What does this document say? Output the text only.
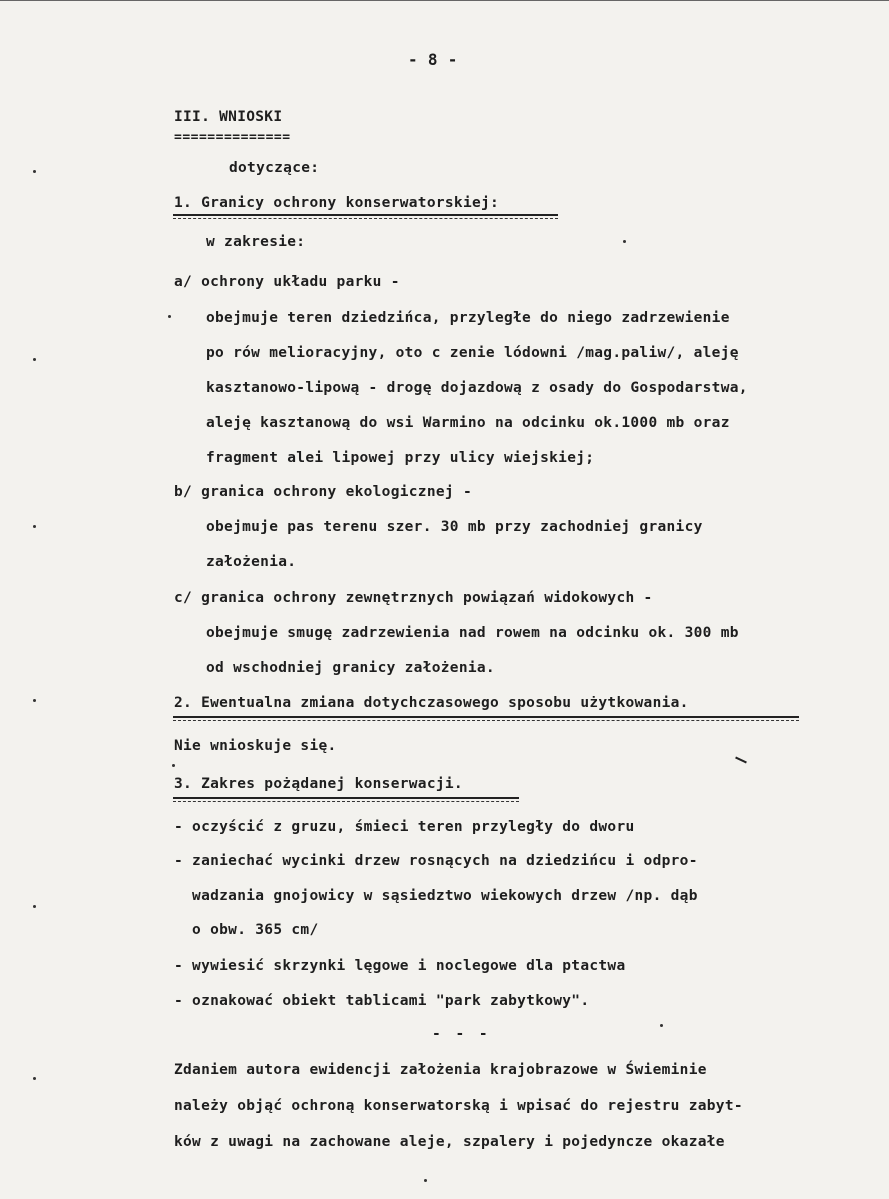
- 8 -
III. WNIOSKI
==============
dotyczące:
1. Granicy ochrony konserwatorskiej:
w zakresie:
a/ ochrony układu parku -
obejmuje teren dziedzińca, przyległe do niego zadrzewienie
po rów melioracyjny, oto c zenie lódowni /mag.paliw/, aleję
kasztanowo-lipową - drogę dojazdową z osady do Gospodarstwa,
aleję kasztanową do wsi Warmino na odcinku ok.1000 mb oraz
fragment alei lipowej przy ulicy wiejskiej;
b/ granica ochrony ekologicznej -
obejmuje pas terenu szer. 30 mb przy zachodniej granicy
założenia.
c/ granica ochrony zewnętrznych powiązań widokowych -
obejmuje smugę zadrzewienia nad rowem na odcinku ok. 300 mb
od wschodniej granicy założenia.
2. Ewentualna zmiana dotychczasowego sposobu użytkowania.
Nie wnioskuje się.
3. Zakres pożądanej konserwacji.
- oczyścić z gruzu, śmieci teren przyległy do dworu
- zaniechać wycinki drzew rosnących na dziedzińcu i odpro-
wadzania gnojowicy w sąsiedztwo wiekowych drzew /np. dąb
o obw. 365 cm/
- wywiesić skrzynki lęgowe i noclegowe dla ptactwa
- oznakować obiekt tablicami "park zabytkowy".
- - -
Zdaniem autora ewidencji założenia krajobrazowe w Świeminie
należy objąć ochroną konserwatorską i wpisać do rejestru zabyt-
ków z uwagi na zachowane aleje, szpalery i pojedyncze okazałe
